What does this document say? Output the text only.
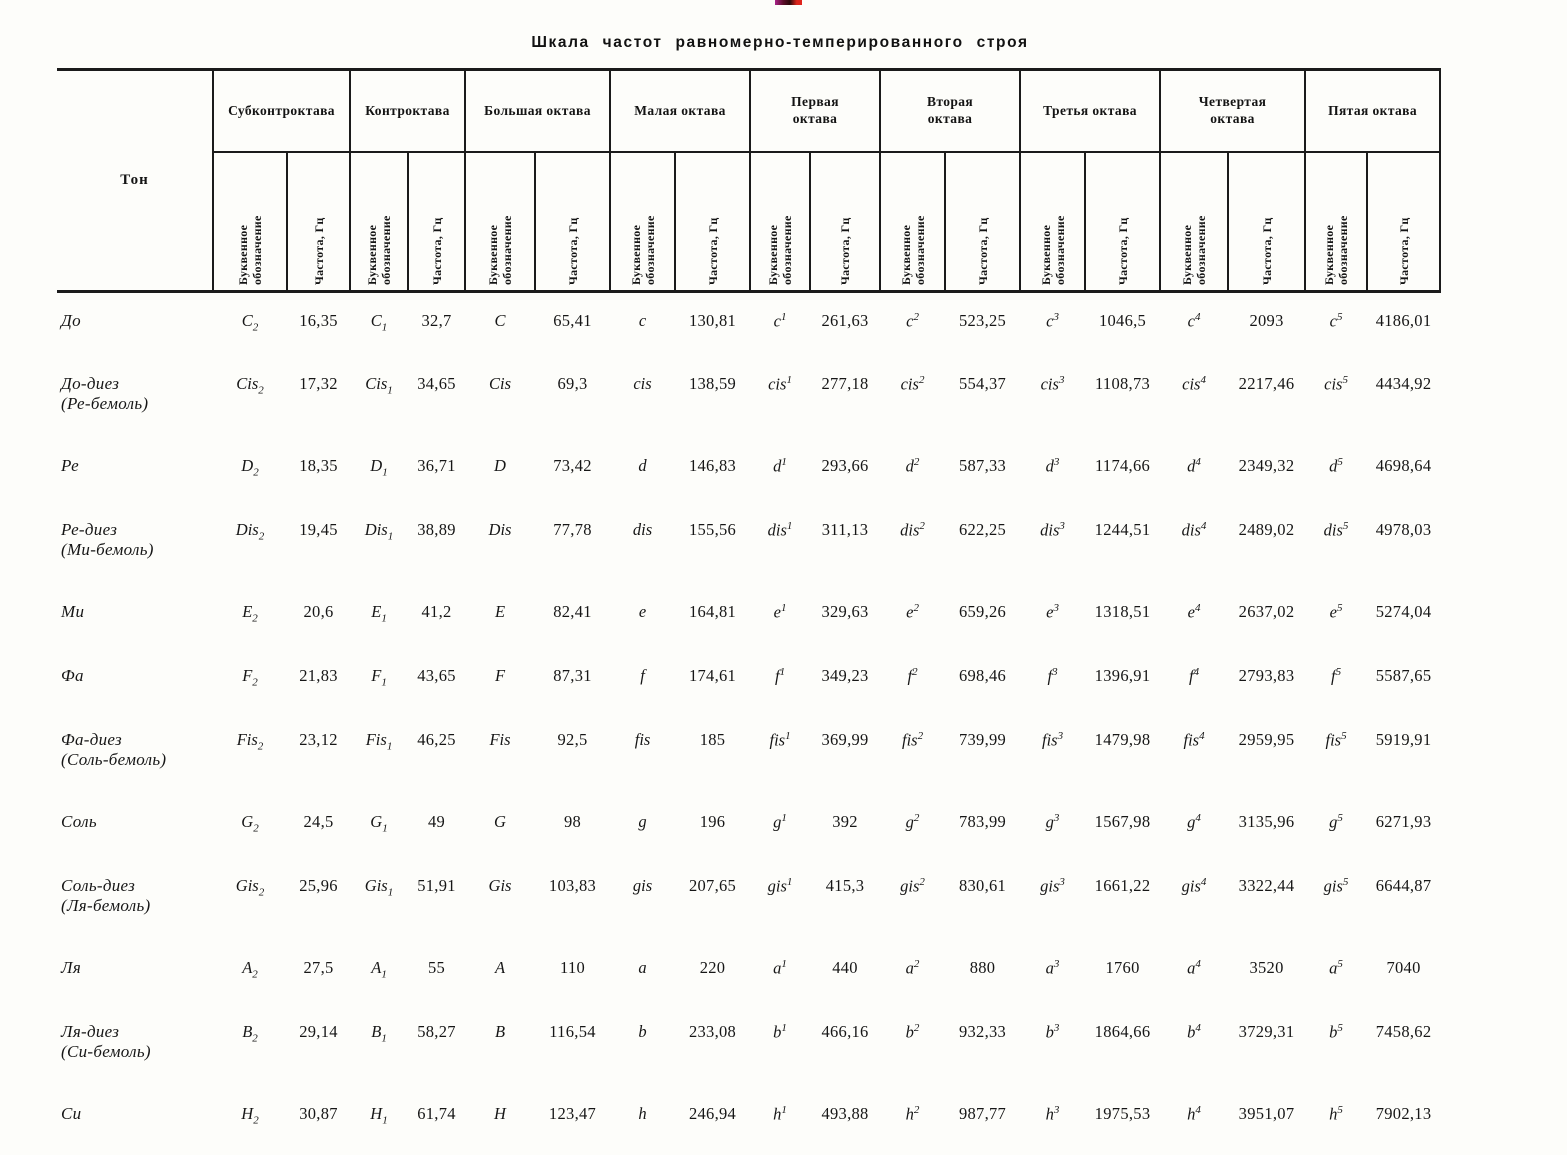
Шкала частот равномерно-темперированного строя
Тон	Субконтроктава		Контроктава		Большая октава		Малая октава		Первая октава		Вторая октава		Третья октава		Четвертая октава		Пятая октава	

	Буквенное обозначение	Частота, Гц	Буквенное обозначение	Частота, Гц	Буквенное обозначение	Частота, Гц	Буквенное обозначение	Частота, Гц	Буквенное обозначение	Частота, Гц	Буквенное обозначение	Частота, Гц	Буквенное обозначение	Частота, Гц	Буквенное обозначение	Частота, Гц	Буквенное обозначение	Частота, Гц

До	$C_2$	16,35	$C_1$	32,7	C	65,41	c	130,81	$c^1$	261,63	$c^2$	523,25	$c^3$	1046,5	$c^4$	2093	$c^5$	4186,01
До-диез
(Ре-бемоль)	Cis$_2$	17,32	Cis$_1$	34,65	Cis	69,3	cis	138,59	cis$^1$	277,18	cis$^2$	554,37	cis$^3$	1108,73	cis$^4$	2217,46	cis$^5$	4434,92
Ре	$D_2$	18,35	$D_1$	36,71	D	73,42	d	146,83	$d^1$	293,66	$d^2$	587,33	$d^3$	1174,66	$d^4$	2349,32	$d^5$	4698,64
Ре-диез
(Ми-бемоль)	Dis$_2$	19,45	Dis$_1$	38,89	Dis	77,78	dis	155,56	dis$^1$	311,13	dis$^2$	622,25	dis$^3$	1244,51	dis$^4$	2489,02	dis$^5$	4978,03
Ми	$E_2$	20,6	$E_1$	41,2	E	82,41	e	164,81	$e^1$	329,63	$e^2$	659,26	$e^3$	1318,51	$e^4$	2637,02	$e^5$	5274,04
Фа	$F_2$	21,83	$F_1$	43,65	F	87,31	f	174,61	$f^1$	349,23	$f^2$	698,46	$f^3$	1396,91	$f^4$	2793,83	$f^5$	5587,65
Фа-диез
(Соль-бемоль)	Fis$_2$	23,12	Fis$_1$	46,25	Fis	92,5	fis	185	fis$^1$	369,99	fis$^2$	739,99	fis$^3$	1479,98	fis$^4$	2959,95	fis$^5$	5919,91
Соль	$G_2$	24,5	$G_1$	49	G	98	g	196	$g^1$	392	$g^2$	783,99	$g^3$	1567,98	$g^4$	3135,96	$g^5$	6271,93
Соль-диез
(Ля-бемоль)	Gis$_2$	25,96	Gis$_1$	51,91	Gis	103,83	gis	207,65	gis$^1$	415,3	gis$^2$	830,61	gis$^3$	1661,22	gis$^4$	3322,44	gis$^5$	6644,87
Ля	$A_2$	27,5	$A_1$	55	A	110	a	220	$a^1$	440	$a^2$	880	$a^3$	1760	$a^4$	3520	$a^5$	7040
Ля-диез
(Си-бемоль)	$B_2$	29,14	$B_1$	58,27	B	116,54	b	233,08	$b^1$	466,16	$b^2$	932,33	$b^3$	1864,66	$b^4$	3729,31	$b^5$	7458,62
Си	$H_2$	30,87	$H_1$	61,74	H	123,47	h	246,94	$h^1$	493,88	$h^2$	987,77	$h^3$	1975,53	$h^4$	3951,07	$h^5$	7902,13
